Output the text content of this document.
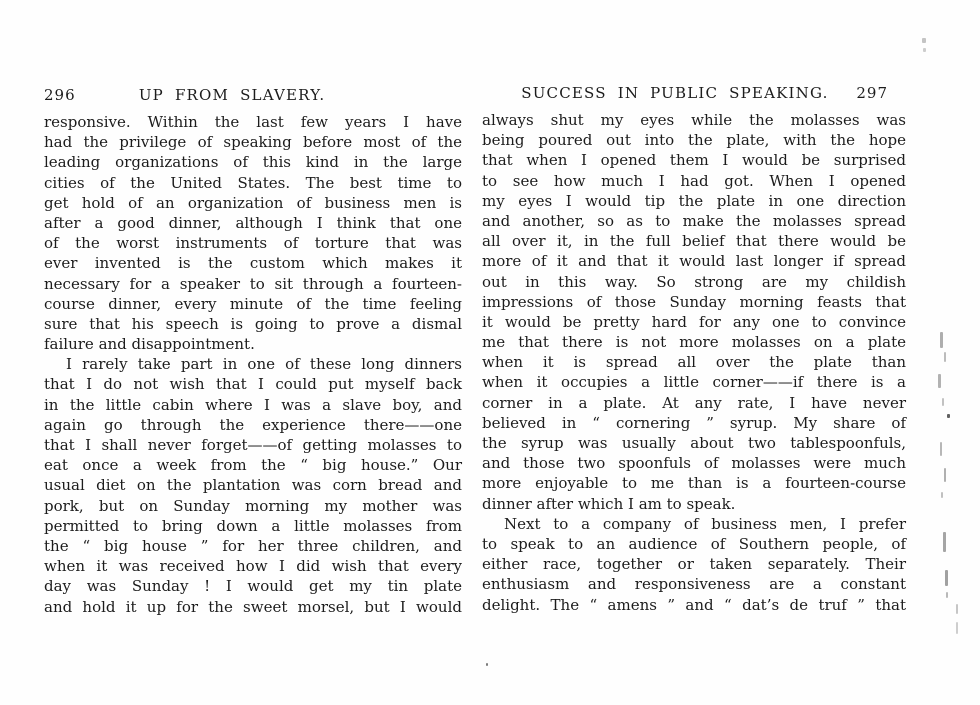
296	UP FROM SLAVERY.
responsive. Within the last few years I have
had the privilege of speaking before most of the
leading organizations of this kind in the large
cities of the United States. The best time to
get hold of an organization of business men is
after a good dinner, although I think that one
of the worst instruments of torture that was
ever invented is the custom which makes it
necessary for a speaker to sit through a fourteen-
course dinner, every minute of the time feeling
sure that his speech is going to prove a dismal
failure and disappointment.
I rarely take part in one of these long dinners
that I do not wish that I could put myself back
in the little cabin where I was a slave boy, and
again go through the experience there——one
that I shall never forget——of getting molasses to
eat once a week from the “ big house.” Our
usual diet on the plantation was corn bread and
pork, but on Sunday morning my mother was
permitted to bring down a little molasses from
the “ big house ” for her three children, and
when it was received how I did wish that every
day was Sunday ! I would get my tin plate
and hold it up for the sweet morsel, but I would
SUCCESS IN PUBLIC SPEAKING. 297
always shut my eyes while the molasses was
being poured out into the plate, with the hope
that when I opened them I would be surprised
to see how much I had got. When I opened
my eyes I would tip the plate in one direction
and another, so as to make the molasses spread
all over it, in the full belief that there would be
more of it and that it would last longer if spread
out in this way. So strong are my childish
impressions of those Sunday morning feasts that
it would be pretty hard for any one to convince
me that there is not more molasses on a plate
when it is spread all over the plate than
when it occupies a little corner——if there is a
corner in a plate. At any rate, I have never
believed in “ cornering ” syrup. My share of
the syrup was usually about two tablespoonfuls,
and those two spoonfuls of molasses were much
more enjoyable to me than is a fourteen-course
dinner after which I am to speak.
Next to a company of business men, I prefer
to speak to an audience of Southern people, of
either race, together or taken separately. Their
enthusiasm and responsiveness are a constant
delight. The “ amens ” and “ dat’s de truf ” that
